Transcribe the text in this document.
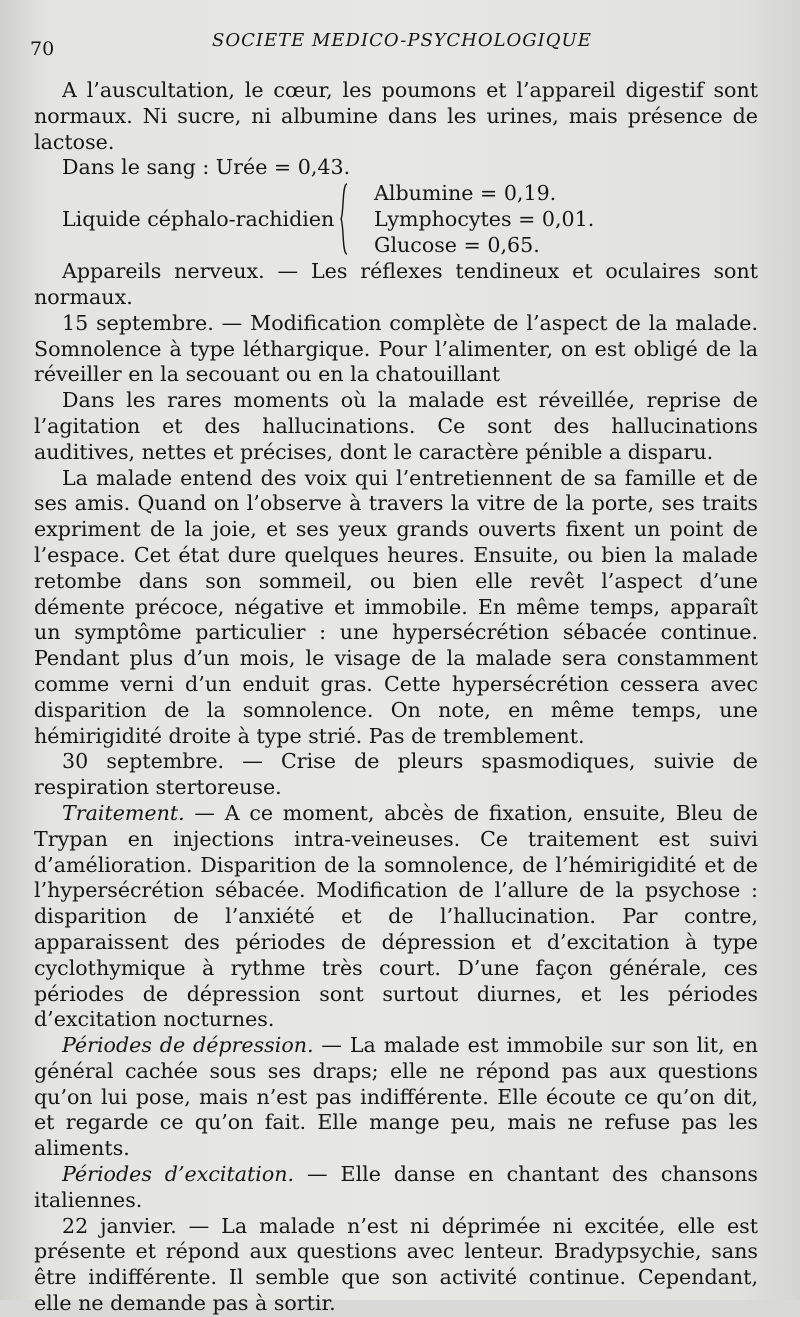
70	SOCIETE MEDICO-PSYCHOLOGIQUE

A l’auscultation, le cœur, les poumons et l’appareil digestif sont normaux. Ni sucre, ni albumine dans les urines, mais présence de lactose.

Dans le sang : Urée = 0,43.

Liquide céphalo-rachidien
Albumine = 0,19.
Lymphocytes = 0,01.
Glucose = 0,65.

Appareils nerveux. — Les réflexes tendineux et oculaires sont normaux.

15 septembre. — Modification complète de l’aspect de la malade. Somnolence à type léthargique. Pour l’alimenter, on est obligé de la réveiller en la secouant ou en la chatouillant

Dans les rares moments où la malade est réveillée, reprise de l’agitation et des hallucinations. Ce sont des hallucinations auditives, nettes et précises, dont le caractère pénible a disparu.

La malade entend des voix qui l’entretiennent de sa famille et de ses amis. Quand on l’observe à travers la vitre de la porte, ses traits expriment de la joie, et ses yeux grands ouverts fixent un point de l’espace. Cet état dure quelques heures. Ensuite, ou bien la malade retombe dans son sommeil, ou bien elle revêt l’aspect d’une démente précoce, négative et immobile. En même temps, apparaît un symptôme particulier : une hypersécrétion sébacée continue. Pendant plus d’un mois, le visage de la malade sera constamment comme verni d’un enduit gras. Cette hypersécrétion cessera avec disparition de la somnolence. On note, en même temps, une hémirigidité droite à type strié. Pas de tremblement.

30 septembre. — Crise de pleurs spasmodiques, suivie de respiration stertoreuse.

Traitement. — A ce moment, abcès de fixation, ensuite, Bleu de Trypan en injections intra-veineuses. Ce traitement est suivi d’amélioration. Disparition de la somnolence, de l’hémirigidité et de l’hypersécrétion sébacée. Modification de l’allure de la psychose : disparition de l’anxiété et de l’hallucination. Par contre, apparaissent des périodes de dépression et d’excitation à type cyclothymique à rythme très court. D’une façon générale, ces périodes de dépression sont surtout diurnes, et les périodes d’excitation nocturnes.

Périodes de dépression. — La malade est immobile sur son lit, en général cachée sous ses draps; elle ne répond pas aux questions qu’on lui pose, mais n’est pas indifférente. Elle écoute ce qu’on dit, et regarde ce qu’on fait. Elle mange peu, mais ne refuse pas les aliments.

Périodes d’excitation. — Elle danse en chantant des chansons italiennes.

22 janvier. — La malade n’est ni déprimée ni excitée, elle est présente et répond aux questions avec lenteur. Bradypsychie, sans être indifférente. Il semble que son activité continue. Cependant, elle ne demande pas à sortir.
